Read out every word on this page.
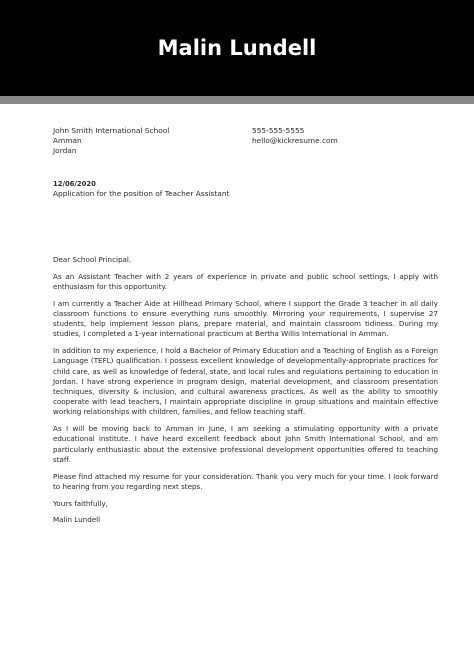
Malin Lundell
John Smith International School
Amman
Jordan
555-555-5555
hello@kickresume.com
12/06/2020
Application for the position of Teacher Assistant

Dear School Principal,

As an Assistant Teacher with 2 years of experience in private and public school settings, I apply with enthusiasm for this opportunity.

I am currently a Teacher Aide at Hillhead Primary School, where I support the Grade 3 teacher in all daily classroom functions to ensure everything runs smoothly. Mirroring your requirements, I supervise 27 students, help implement lesson plans, prepare material, and maintain classroom tidiness. During my studies, I completed a 1-year international practicum at Bertha Willis International in Amman.

In addition to my experience, I hold a Bachelor of Primary Education and a Teaching of English as a Foreign Language (TEFL) qualification. I possess excellent knowledge of developmentally-appropriate practices for child care, as well as knowledge of federal, state, and local rules and regulations pertaining to education in Jordan. I have strong experience in program design, material development, and classroom presentation techniques, diversity & inclusion, and cultural awareness practices. As well as the ability to smoothly cooperate with lead teachers, I maintain appropriate discipline in group situations and maintain effective working relationships with children, families, and fellow teaching staff.

As I will be moving back to Amman in June, I am seeking a stimulating opportunity with a private educational institute. I have heard excellent feedback about John Smith International School, and am particularly enthusiastic about the extensive professional development opportunities offered to teaching staff.

Please find attached my resume for your consideration. Thank you very much for your time. I look forward to hearing from you regarding next steps.

Yours faithfully,

Malin Lundell
